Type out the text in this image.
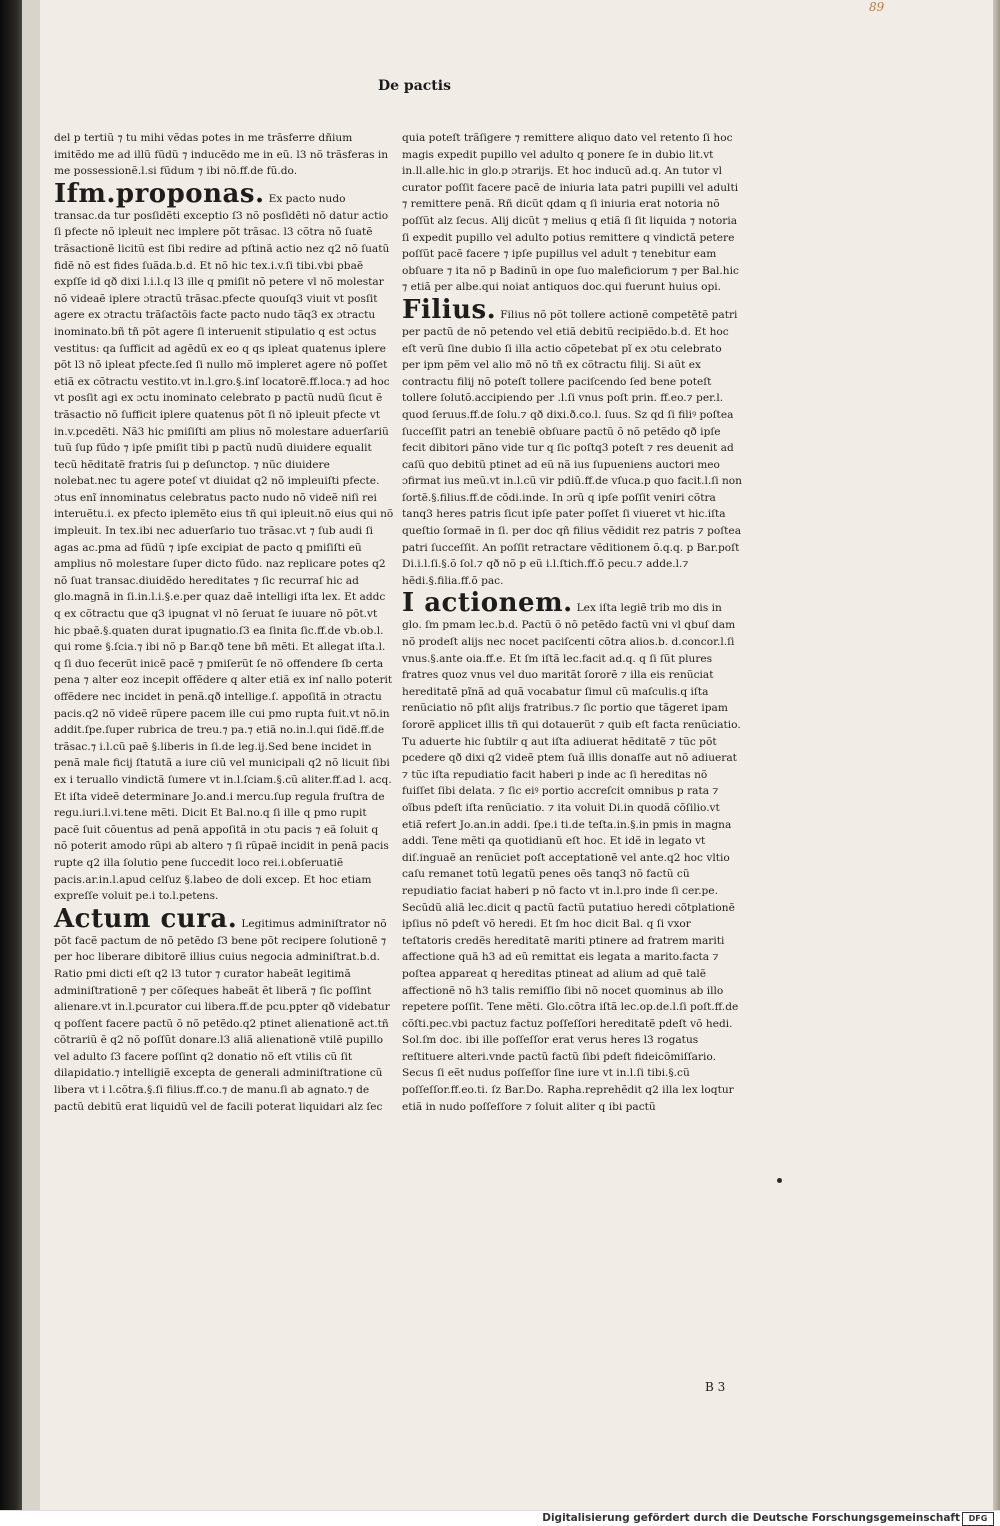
89
De pactis

del p tertiũ ⁊ tu mihi vẽdas potes in me trãsferre dñium imitẽdo me ad illũ fũdũ ⁊ inducẽdo me in eũ. l3 nõ trãsferas in me possessionẽ.l.si fũdum ⁊ ibi nõ.ff.de fũ.do.

Ifm.proponas. Ex pacto nudo transac.da tur posſidẽti exceptio ſ3 nõ posſidẽti nõ datur actio ſi pfecte nõ ipleuit nec implere põt trãsac. l3 cõtra nõ ſuatẽ trãsactionẽ licitũ est ſibi redire ad pſtinã actio nez q2 nõ ſuatũ fidẽ nõ est fides ſuãda.b.d. Et nõ hic tex.i.v.ſi tibi.vbi pbaẽ expſſe id qð dixi l.i.l.q l3 ille q pmiſit nõ petere vl nõ molestar nõ videaẽ iplere ɔtractũ trãsac.pfecte quouſq3 viuit vt posſit agere ex ɔtractu trãſactõis facte pacto nudo tãq3 ex ɔtractu inominato.bñ tñ põt agere ſi interuenit stipulatio q est ɔctus vestitus: qa ſufficit ad agẽdũ ex eo q qs ipleat quatenus iplere põt l3 nõ ipleat pfecte.ſed ſi nullo mõ impleret agere nõ poſſet etiã ex cõtractu vestito.vt in.l.gro.§.inſ locatorẽ.ff.loca.⁊ ad hoc vt posſit agi ex ɔctu inominato celebrato p pactũ nudũ ſicut ẽ trãsactio nõ ſufficit iplere quatenus põt ſi nõ ipleuit pfecte vt in.v.pcedẽti. Nã3 hic pmiſiſti am plius nõ molestare aduerſariũ tuũ ſup fũdo ⁊ ipſe pmiſit tibi p pactũ nudũ diuidere equalit tecũ hẽditatẽ fratris ſui p deſunctop. ⁊ nũc diuidere nolebat.nec tu agere poteſ vt diuidat q2 nõ impleuiſti pfecte. ɔtus enĩ innominatus celebratus pacto nudo nõ videẽ niſi rei interuẽtu.i. ex pfecto iplemẽto eius tñ qui ipleuit.nõ eius qui nõ impleuit. In tex.ibi nec aduerſario tuo trãsac.vt ⁊ ſub audi ſi agas ac.pma ad fũdũ ⁊ ipſe excipiat de pacto q pmiſiſti eũ amplius nõ molestare ſuper dicto fũdo. naz replicare potes q2 nõ ſuat transac.diuidẽdo hereditates ⁊ ſic recurraſ hic ad glo.magnã in ſi.in.l.i.§.e.per quaz daẽ intelligi iſta lex. Et addc q ex cõtractu que q3 ipugnat vl nõ ſeruat ſe iuuare nõ põt.vt hic pbaẽ.§.quaten durat ipugnatio.ſ3 ea ſinita ſic.ff.de vb.ob.l. qui rome §.ſcia.⁊ ibi nõ p Bar.qð tene bñ mẽti. Et allegat iſta.l. q ſi duo fecerũt inicẽ pacẽ ⁊ pmiſerũt ſe nõ offendere ſb certa pena ⁊ alter eoz incepit offẽdere q alter etiã ex inſ nallo poterit offẽdere nec incidet in penã.qð intellige.ſ. appoſitã in ɔtractu pacis.q2 nõ videẽ rũpere pacem ille cui pmo rupta fuit.vt nõ.in addit.ſpe.ſuper rubrica de treu.⁊ pa.⁊ etiã no.in.l.qui ſidẽ.ff.de trãsac.⁊ i.l.cũ paẽ §.liberis in ſi.de leg.ij.Sed bene incidet in penã male ficij ſtatutã a iure ciũ vel municipali q2 nõ licuit ſibi ex i teruallo vindictã ſumere vt in.l.ſciam.§.cũ aliter.ff.ad l. acq. Et iſta videẽ determinare Jo.and.i mercu.ſup regula fruſtra de regu.iuri.l.vi.tene mẽti. Dicit Et Bal.no.q ſi ille q pmo rupit pacẽ ſuit cõuentus ad penã appoſitã in ɔtu pacis ⁊ eã ſoluit q nõ poterit amodo rũpi ab altero ⁊ ſi rũpaẽ incidit in penã pacis rupte q2 illa ſolutio pene ſuccedit loco rei.i.obſeruatiẽ pacis.ar.in.l.apud celſuz §.labeo de doli excep. Et hoc etiam expreſſe voluit pe.i to.l.petens.

Actum cura. Legitimus adminiſtrator nõ põt facẽ pactum de nõ petẽdo ſ3 bene põt recipere ſolutionẽ ⁊ per hoc liberare dibitorẽ illius cuius negocia adminiſtrat.b.d. Ratio pmi dicti eſt q2 l3 tutor ⁊ curator habeãt legitimã adminiſtrationẽ ⁊ per cõſeques habeãt ẽt liberã ⁊ ſic poſſint alienare.vt in.l.pcurator cui libera.ff.de pcu.ppter qð videbatur q poſſent facere pactũ õ nõ petẽdo.q2 ptinet alienationẽ act.tñ cõtrariũ ẽ q2 nõ poſſũt donare.l3 aliã alienationẽ vtilẽ pupillo vel adulto ſ3 facere poſſint q2 donatio nõ eſt vtilis cũ ſit dilapidatio.⁊ intelligiẽ excepta de generali adminiſtratione cũ libera vt i l.cõtra.§.ſi filius.ff.co.⁊ de manu.ſi ab agnato.⁊ de pactũ debitũ erat liquidũ vel de facili poterat liquidari alz ſec

quia poteſt trãſigere ⁊ remittere aliquo dato vel retento ſi hoc magis expedit pupillo vel adulto q ponere ſe in dubio lit.vt in.ll.alle.hic in glo.p ɔtrarijs. Et hoc inducũ ad.q. An tutor vl curator poſſit facere pacẽ de iniuria lata patri pupilli vel adulti ⁊ remittere penã. Rñ dicũt qdam q ſi iniuria erat notoria nõ poſſũt alz ſecus. Alij dicũt ⁊ melius q etiã ſi ſit liquida ⁊ notoria ſi expedit pupillo vel adulto potius remittere q vindictã petere poſſũt pacẽ facere ⁊ ipſe pupillus vel adult ⁊ tenebitur eam obſuare ⁊ ita nõ p Badinũ in ope ſuo maleficiorum ⁊ per Bal.hic ⁊ etiã per albe.qui noiat antiquos doc.qui fuerunt huius opi.

Filius. Filius nõ põt tollere actionẽ competẽtẽ patri per pactũ de nõ petendo vel etiã debitũ recipiẽdo.b.d. Et hoc eſt verũ ſine dubio ſi illa actio cõpetebat pĩ ex ɔtu celebrato per ipm pẽm vel alio mõ nõ tñ ex cõtractu filij. Si aũt ex contractu filij nõ poteſt tollere paciſcendo ſed bene poteſt tollere ſolutõ.accipiendo per .l.ſi vnus poſt prin. ff.eo.⁊ per.l. quod ſeruus.ff.de ſolu.⁊ qð dixi.ð.co.l. ſuus. Sz qd ſi filiꝰ poſtea ſucceſſit patri an tenebiẽ obſuare pactũ õ nõ petẽdo qð ipſe fecit dibitori pãno vide tur q ſic poſtq3 poteſt ⁊ res deuenit ad caſũ quo debitũ ptinet ad eũ nã ius ſupueniens auctori meo ɔfirmat ius meũ.vt in.l.cũ vir pdiũ.ff.de vſuca.p quo facit.l.ſi non ſortẽ.§.filius.ff.de cõdi.inde. In ɔrũ q ipſe poſſit veniri cõtra tanq3 heres patris ſicut ipſe pater poſſet ſi viueret vt hic.iſta queſtio ſormaẽ in ſi. per doc qñ filius vẽdidit rez patris ⁊ poſtea patri ſucceſſit. An poſſit retractare vẽditionem õ.q.q. p Bar.poſt Di.i.l.ſi.§.õ ſol.⁊ qð nõ p eũ i.l.ſtich.ff.õ pecu.⁊ adde.l.⁊ hẽdi.§.filia.ff.õ pac.

I actionem. Lex iſta legiẽ trib mo dis in glo. ſm pmam lec.b.d. Pactũ õ nõ petẽdo factũ vni vl qbuſ dam nõ prodeſt alijs nec nocet paciſcenti cõtra alios.b. d.concor.l.ſi vnus.§.ante oia.ff.e. Et ſm iſtã lec.facit ad.q. q ſi ſũt plures fratres quoz vnus vel duo maritãt ſororẽ ⁊ illa eis renũciat hereditatẽ pĩnã ad quã vocabatur ſimul cũ maſculis.q iſta renũciatio nõ pſit alijs fratribus.⁊ ſic portio que tãgeret ipam ſororẽ applicet illis tñ qui dotauerũt ⁊ quib eſt facta renũciatio. Tu aduerte hic ſubtilr q aut iſta adiuerat hẽditatẽ ⁊ tũc põt pcedere qð dixi q2 videẽ ptem ſuã illis donaſſe aut nõ adiuerat ⁊ tũc iſta repudiatio facit haberi p inde ac ſi hereditas nõ fuiſſet ſibi delata. ⁊ ſic eiꝰ portio accreſcit omnibus p rata ⁊ oĩbus pdeſt iſta renũciatio. ⁊ ita voluit Di.in quodã cõſilio.vt etiã refert Jo.an.in addi. ſpe.i ti.de teſta.in.§.in pmis in magna addi. Tene mẽti qa quotidianũ eſt hoc. Et idẽ in legato vt diſ.inguaẽ an renũciet poſt acceptationẽ vel ante.q2 hoc vltio caſu remanet totũ legatũ penes oẽs tanq3 nõ factũ cũ repudiatio faciat haberi p nõ facto vt in.l.pro inde ſi cer.pe. Secũdũ aliã lec.dicit q pactũ factũ putatiuo heredi cõtplationẽ ipſius nõ pdeſt võ heredi. Et ſm hoc dicit Bal. q ſi vxor teſtatoris credẽs hereditatẽ mariti ptinere ad fratrem mariti affectione quã h3 ad eũ remittat eis legata a marito.facta ⁊ poſtea appareat q hereditas ptineat ad alium ad quẽ talẽ affectionẽ nõ h3 talis remiſſio ſibi nõ nocet quominus ab illo repetere poſſit. Tene mẽti. Glo.cõtra iſtã lec.op.de.l.ſi poſt.ff.de cõſti.pec.vbi pactuz factuz poſſeſſori hereditatẽ pdeſt võ hedi. Sol.ſm doc. ibi ille poſſeſſor erat verus heres l3 rogatus reſtituere alteri.vnde pactũ factũ ſibi pdeſt fideicõmiſſario. Secus ſi eẽt nudus poſſeſſor ſine iure vt in.l.ſi tibi.§.cũ poſſeſſor.ff.eo.ti. ſz Bar.Do. Rapha.reprehẽdit q2 illa lex loqtur etiã in nudo poſſeſſore ⁊ ſoluit aliter q ibi pactũ

B 3
Digitalisierung gefördert durch die Deutsche Forschungsgemeinschaft	DFG
